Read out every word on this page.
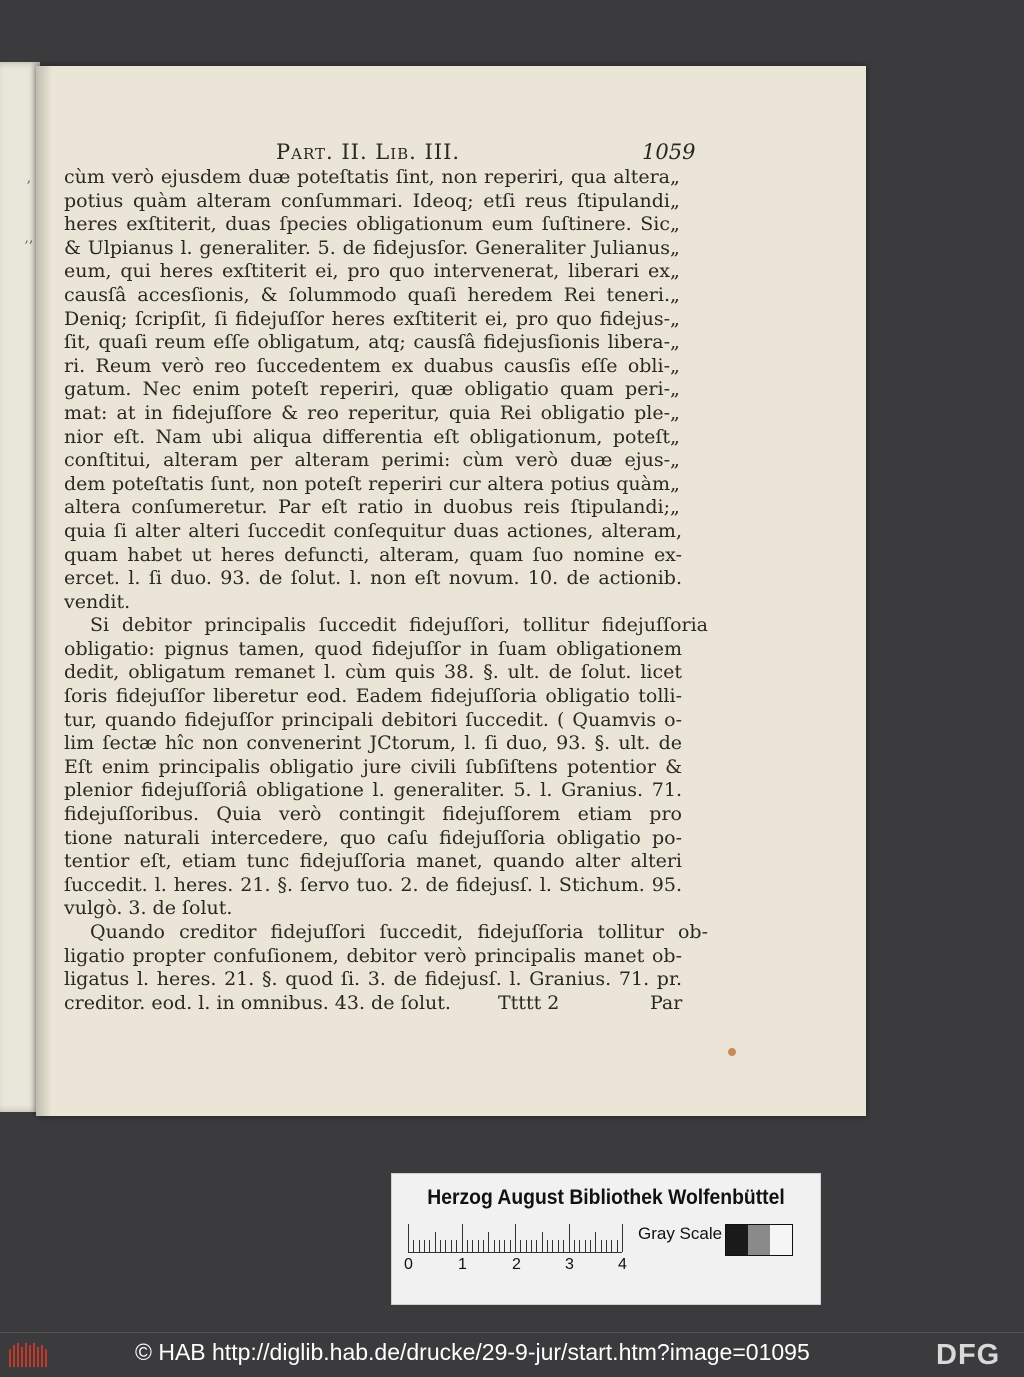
,
,,
Part. II. Lib. III.	1059
cùm verò ejusdem duæ poteſtatis ſint, non reperiri, qua altera„
potius quàm alteram conſummari. Ideoq; etſi reus ſtipulandi„
heres exſtiterit, duas ſpecies obligationum eum ſuſtinere. Sic„
& Ulpianus l. generaliter. 5. de fidejusſor. Generaliter Julianus„
eum, qui heres exſtiterit ei, pro quo intervenerat, liberari ex„
causſâ accesſionis, & ſolummodo quaſi heredem Rei teneri.„
Deniq; ſcripſit, ſi fidejuſſor heres exſtiterit ei, pro quo fidejus-„
ſit, quaſi reum eſſe obligatum, atq; causſâ fidejusſionis libera-„
ri. Reum verò reo ſuccedentem ex duabus causſis eſſe obli-„
gatum. Nec enim poteſt reperiri, quæ obligatio quam peri-„
mat: at in fidejuſſore & reo reperitur, quia Rei obligatio ple-„
nior eſt. Nam ubi aliqua differentia eſt obligationum, poteſt„
conſtitui, alteram per alteram perimi: cùm verò duæ ejus-„
dem poteſtatis ſunt, non poteſt reperiri cur altera potius quàm„
altera conſumeretur. Par eſt ratio in duobus reis ſtipulandi;„
quia ſi alter alteri ſuccedit conſequitur duas actiones, alteram,
quam habet ut heres defuncti, alteram, quam ſuo nomine ex-
ercet. l. ſi duo. 93. de ſolut. l. non eſt novum. 10. de actionib.
vendit.
Si debitor principalis ſuccedit fidejuſſori, tollitur fidejuſſoria
obligatio: pignus tamen, quod fidejuſſor in ſuam obligationem
dedit, obligatum remanet l. cùm quis 38. §. ult. de ſolut. licet
ſoris fidejuſſor liberetur eod. Eadem fidejuſſoria obligatio tolli-
tur, quando fidejuſſor principali debitori ſuccedit. ( Quamvis o-
lim ſectæ hîc non convenerint JCtorum, l. ſi duo, 93. §. ult. de
Eſt enim principalis obligatio jure civili ſubſiſtens potentior &
plenior fidejuſſoriâ obligatione l. generaliter. 5. l. Granius. 71.
fidejuſſoribus. Quia verò contingit fidejuſſorem etiam pro
tione naturali intercedere, quo caſu fidejuſſoria obligatio po-
tentior eſt, etiam tunc fidejuſſoria manet, quando alter alteri
ſuccedit. l. heres. 21. §. ſervo tuo. 2. de fidejusſ. l. Stichum. 95.
vulgò. 3. de ſolut.
Quando creditor fidejuſſori ſuccedit, fidejuſſoria tollitur ob-
ligatio propter confuſionem, debitor verò principalis manet ob-
ligatus l. heres. 21. §. quod ſi. 3. de fidejusſ. l. Granius. 71. pr.
creditor. eod. l. in omnibus. 43. de ſolut. Ttttt 2	Par
Herzog August Bibliothek Wolfenbüttel
0	1	2	3	4
Gray Scale
© HAB http://diglib.hab.de/drucke/29-9-jur/start.htm?image=01095	DFG
